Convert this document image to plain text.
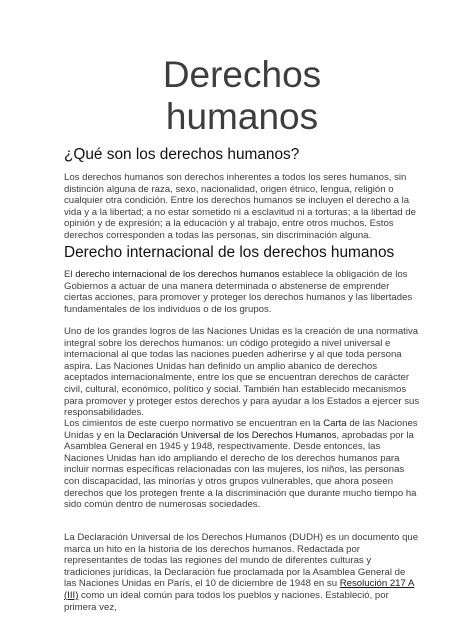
Derechos
humanos
¿Qué son los derechos humanos?

Los derechos humanos son derechos inherentes a todos los seres humanos, sin distinción alguna de raza, sexo, nacionalidad, origen étnico, lengua, religión o cualquier otra condición. Entre los derechos humanos se incluyen el derecho a la vida y a la libertad; a no estar sometido ni a esclavitud ni a torturas; a la libertad de opinión y de expresión; a la educación y al trabajo, entre otros muchos. Estos derechos corresponden a todas las personas, sin discriminación alguna.

Derecho internacional de los derechos humanos

El derecho internacional de los derechos humanos establece la obligación de los Gobiernos a actuar de una manera determinada o abstenerse de emprender ciertas acciones, para promover y proteger los derechos humanos y las libertades fundamentales de los individuos o de los grupos.

Uno de los grandes logros de las Naciones Unidas es la creación de una normativa integral sobre los derechos humanos: un código protegido a nivel universal e internacional al que todas las naciones pueden adherirse y al que toda persona aspira. Las Naciones Unidas han definido un amplio abanico de derechos aceptados internacionalmente, entre los que se encuentran derechos de carácter civil, cultural, económico, político y social. También han establecido mecanismos para promover y proteger estos derechos y para ayudar a los Estados a ejercer sus responsabilidades.

Los cimientos de este cuerpo normativo se encuentran en la Carta de las Naciones Unidas y en la Declaración Universal de los Derechos Humanos, aprobadas por la Asamblea General en 1945 y 1948, respectivamente. Desde entonces, las Naciones Unidas han ido ampliando el derecho de los derechos humanos para incluir normas específicas relacionadas con las mujeres, los niños, las personas con discapacidad, las minorías y otros grupos vulnerables, que ahora poseen derechos que los protegen frente a la discriminación que durante mucho tiempo ha sido común dentro de numerosas sociedades.

La Declaración Universal de los Derechos Humanos (DUDH) es un documento que marca un hito en la historia de los derechos humanos. Redactada por representantes de todas las regiones del mundo de diferentes culturas y tradiciones jurídicas, la Declaración fue proclamada por la Asamblea General de las Naciones Unidas en París, el 10 de diciembre de 1948 en su Resolución 217 A (III) como un ideal común para todos los pueblos y naciones. Estableció, por primera vez,
